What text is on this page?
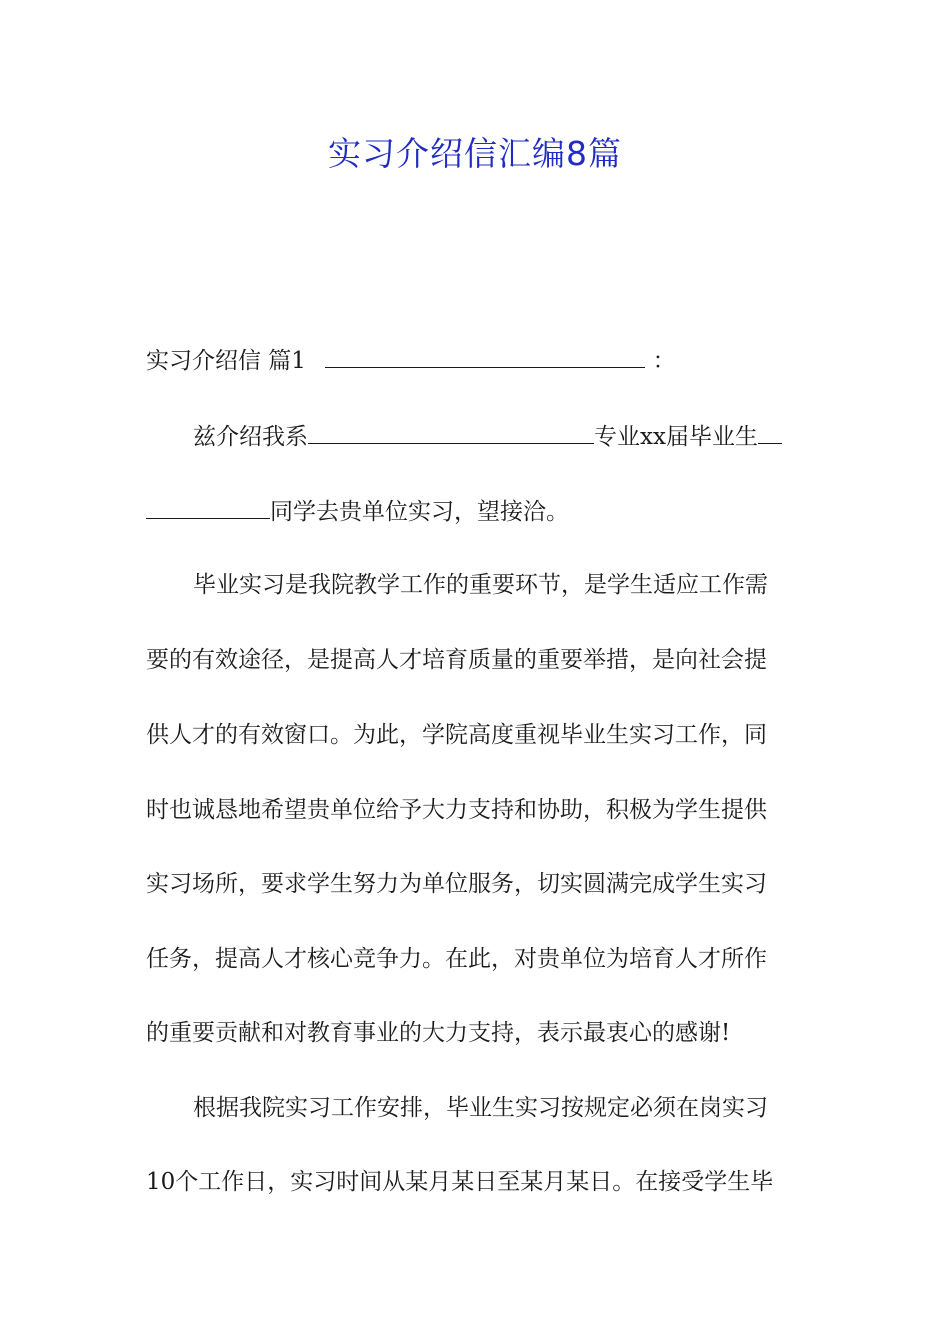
实习介绍信汇编8篇
实习介绍信 篇1	：
兹介绍我系	专业xx届毕业生
同学去贵单位实习，望接洽。
毕业实习是我院教学工作的重要环节，是学生适应工作需
要的有效途径，是提高人才培育质量的重要举措，是向社会提
供人才的有效窗口。为此，学院高度重视毕业生实习工作，同
时也诚恳地希望贵单位给予大力支持和协助，积极为学生提供
实习场所，要求学生努力为单位服务，切实圆满完成学生实习
任务，提高人才核心竞争力。在此，对贵单位为培育人才所作
的重要贡献和对教育事业的大力支持，表示最衷心的感谢!
根据我院实习工作安排，毕业生实习按规定必须在岗实习
10个工作日，实习时间从某月某日至某月某日。在接受学生毕
